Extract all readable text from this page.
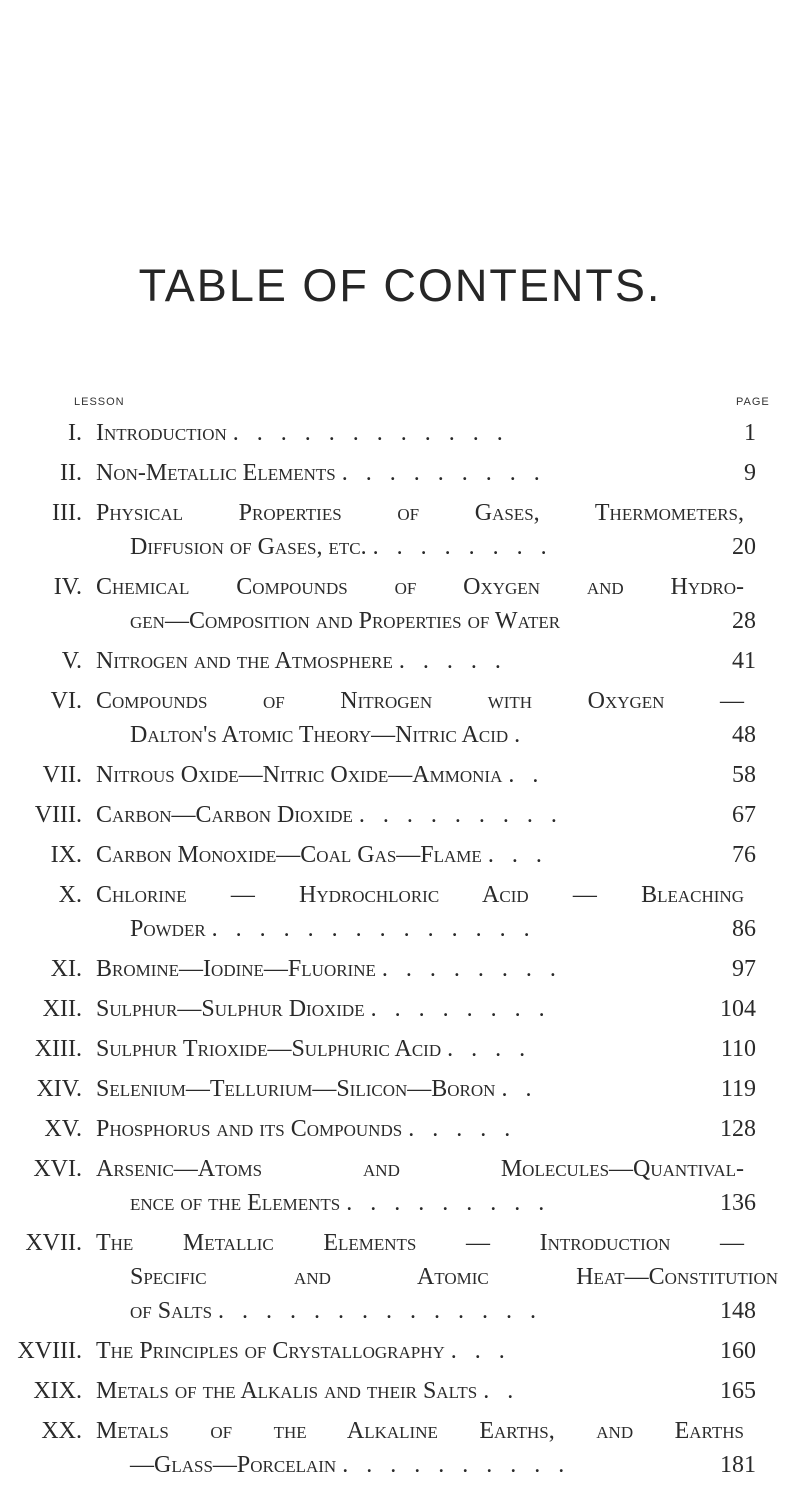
TABLE OF CONTENTS.
LESSON	PAGE
I. Introduction . . . . . . . . . . . .	1
II. Non-Metallic Elements . . . . . . . . .	9
III. Physical Properties of Gases, Thermometers,
Diffusion of Gases, etc. . . . . . . . .	20
IV. Chemical Compounds of Oxygen and Hydro-
gen—Composition and Properties of Water	28
V. Nitrogen and the Atmosphere . . . . .	41
VI. Compounds of Nitrogen with Oxygen —
Dalton's Atomic Theory—Nitric Acid .	48
VII. Nitrous Oxide—Nitric Oxide—Ammonia . .	58
VIII. Carbon—Carbon Dioxide . . . . . . . . .	67
IX. Carbon Monoxide—Coal Gas—Flame . . .	76
X. Chlorine — Hydrochloric Acid — Bleaching
Powder . . . . . . . . . . . . . .	86
XI. Bromine—Iodine—Fluorine . . . . . . . .	97
XII. Sulphur—Sulphur Dioxide . . . . . . . .	104
XIII. Sulphur Trioxide—Sulphuric Acid . . . .	110
XIV. Selenium—Tellurium—Silicon—Boron . .	119
XV. Phosphorus and its Compounds . . . . .	128
XVI. Arsenic—Atoms and Molecules—Quantival-
ence of the Elements . . . . . . . . .	136
XVII. The Metallic Elements — Introduction —
Specific and Atomic Heat—Constitution
of Salts . . . . . . . . . . . . . .	148
XVIII. The Principles of Crystallography . . .	160
XIX. Metals of the Alkalis and their Salts . .	165
XX. Metals of the Alkaline Earths, and Earths
—Glass—Porcelain . . . . . . . . . .	181
